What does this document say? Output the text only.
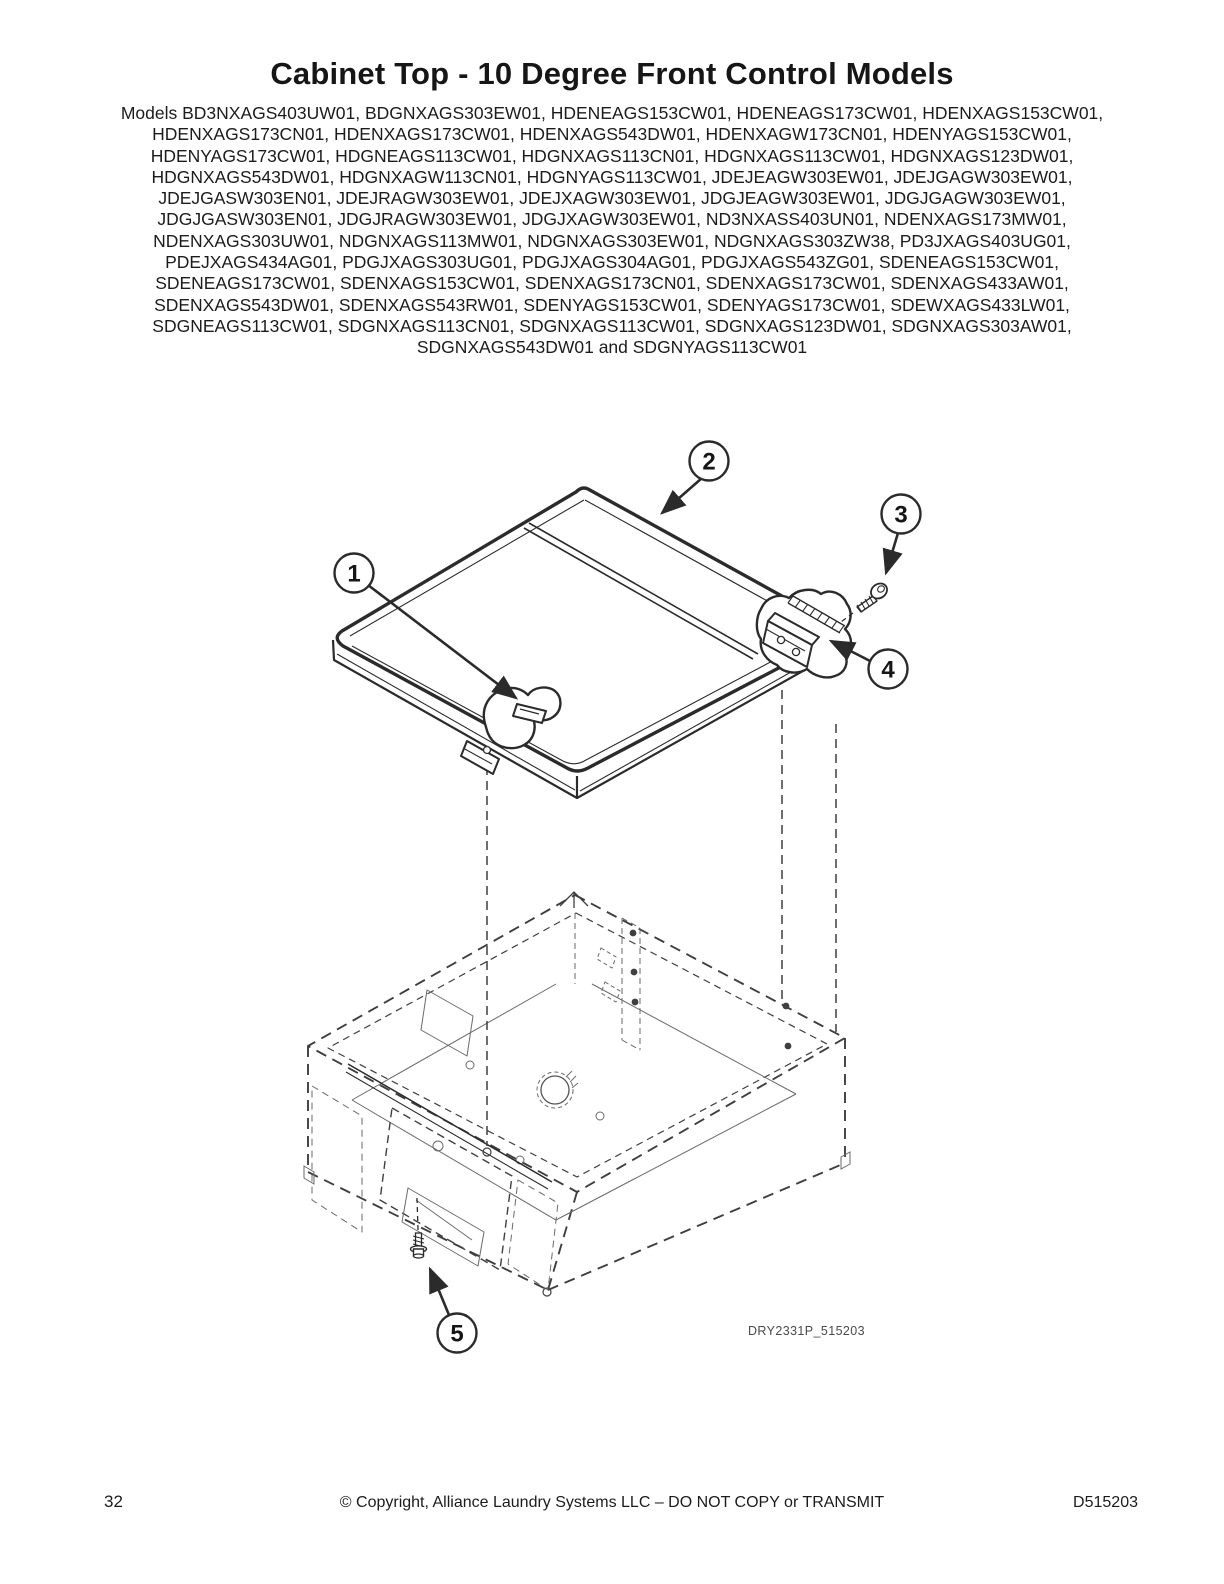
Cabinet Top - 10 Degree Front Control Models
Models BD3NXAGS403UW01, BDGNXAGS303EW01, HDENEAGS153CW01, HDENEAGS173CW01, HDENXAGS153CW01,
HDENXAGS173CN01, HDENXAGS173CW01, HDENXAGS543DW01, HDENXAGW173CN01, HDENYAGS153CW01,
HDENYAGS173CW01, HDGNEAGS113CW01, HDGNXAGS113CN01, HDGNXAGS113CW01, HDGNXAGS123DW01,
HDGNXAGS543DW01, HDGNXAGW113CN01, HDGNYAGS113CW01, JDEJEAGW303EW01, JDEJGAGW303EW01,
JDEJGASW303EN01, JDEJRAGW303EW01, JDEJXAGW303EW01, JDGJEAGW303EW01, JDGJGAGW303EW01,
JDGJGASW303EN01, JDGJRAGW303EW01, JDGJXAGW303EW01, ND3NXASS403UN01, NDENXAGS173MW01,
NDENXAGS303UW01, NDGNXAGS113MW01, NDGNXAGS303EW01, NDGNXAGS303ZW38, PD3JXAGS403UG01,
PDEJXAGS434AG01, PDGJXAGS303UG01, PDGJXAGS304AG01, PDGJXAGS543ZG01, SDENEAGS153CW01,
SDENEAGS173CW01, SDENXAGS153CW01, SDENXAGS173CN01, SDENXAGS173CW01, SDENXAGS433AW01,
SDENXAGS543DW01, SDENXAGS543RW01, SDENYAGS153CW01, SDENYAGS173CW01, SDEWXAGS433LW01,
SDGNEAGS113CW01, SDGNXAGS113CN01, SDGNXAGS113CW01, SDGNXAGS123DW01, SDGNXAGS303AW01,
SDGNXAGS543DW01 and SDGNYAGS113CW01
1
2
3
4
5	DRY2331P_515203
32	© Copyright, Alliance Laundry Systems LLC – DO NOT COPY or TRANSMIT	D515203
